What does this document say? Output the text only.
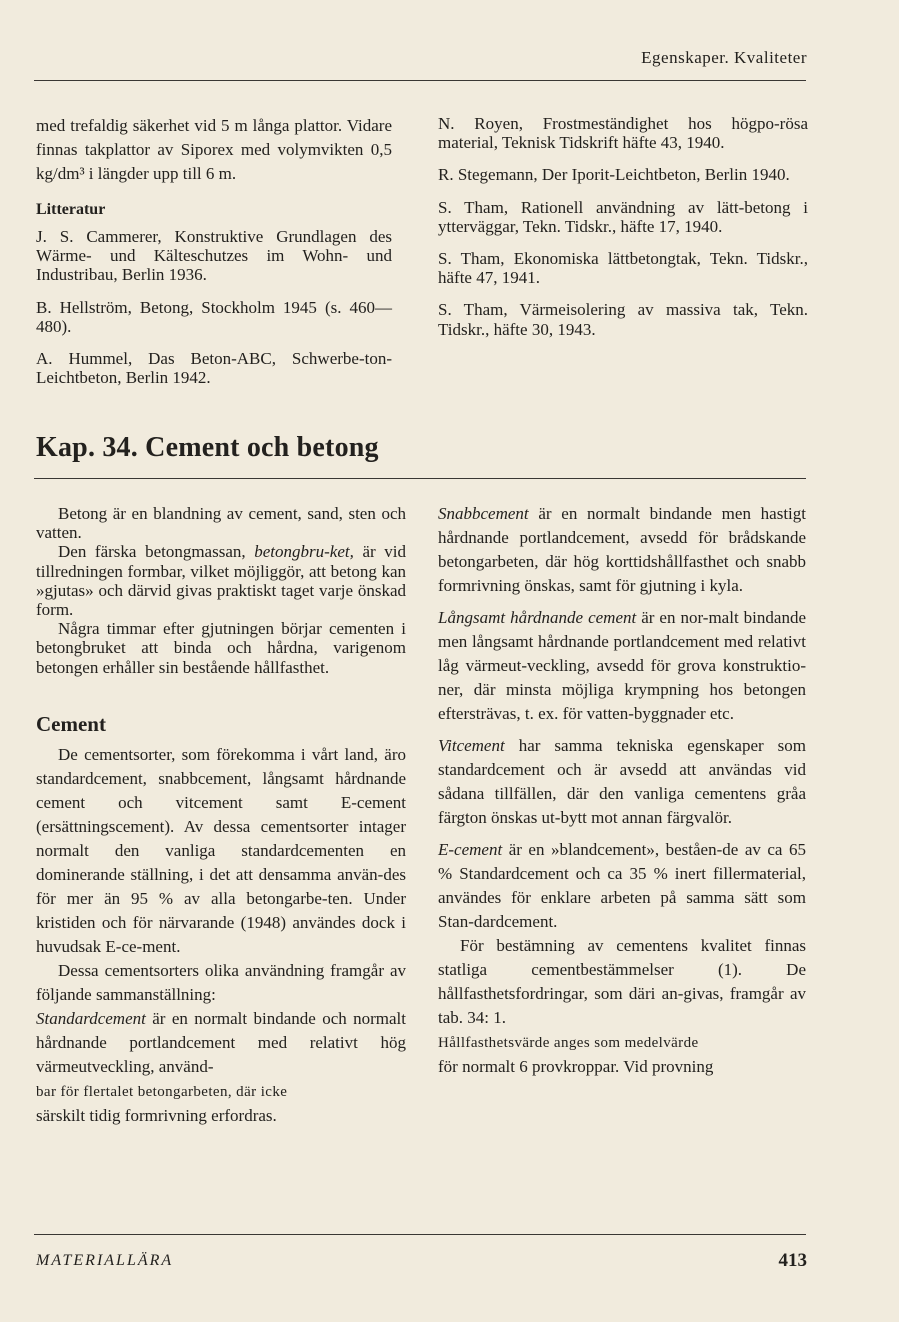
Egenskaper. Kvaliteter

med trefaldig säkerhet vid 5 m långa plattor. Vidare finnas takplattor av Siporex med volymvikten 0,5 kg/dm³ i längder upp till 6 m.

Litteratur

J. S. Cammerer, Konstruktive Grundlagen des Wärme- und Kälteschutzes im Wohn- und Industribau, Berlin 1936.

B. Hellström, Betong, Stockholm 1945 (s. 460—480).

A. Hummel, Das Beton-ABC, Schwerbe-ton-Leichtbeton, Berlin 1942.

N. Royen, Frostmeständighet hos högpo-rösa material, Teknisk Tidskrift häfte 43, 1940.

R. Stegemann, Der Iporit-Leichtbeton, Berlin 1940.

S. Tham, Rationell användning av lätt-betong i ytterväggar, Tekn. Tidskr., häfte 17, 1940.

S. Tham, Ekonomiska lättbetongtak, Tekn. Tidskr., häfte 47, 1941.

S. Tham, Värmeisolering av massiva tak, Tekn. Tidskr., häfte 30, 1943.

Kap. 34. Cement och betong

Betong är en blandning av cement, sand, sten och vatten.

Den färska betongmassan, betongbru-ket, är vid tillredningen formbar, vilket möjliggör, att betong kan »gjutas» och därvid givas praktiskt taget varje önskad form.

Några timmar efter gjutningen börjar cementen i betongbruket att binda och hårdna, varigenom betongen erhåller sin bestående hållfasthet.

Cement

De cementsorter, som förekomma i vårt land, äro standardcement, snabbcement, långsamt hårdnande cement och vitcement samt E-cement (ersättningscement). Av dessa cementsorter intager normalt den vanliga standardcementen en dominerande ställning, i det att densamma använ-des för mer än 95 % av alla betongarbe-ten. Under kristiden och för närvarande (1948) användes dock i huvudsak E-ce-ment.

Dessa cementsorters olika användning framgår av följande sammanställning:

Standardcement är en normalt bindande och normalt hårdnande portlandcement med relativt hög värmeutveckling, använd-
bar för flertalet betongarbeten, där icke
särskilt tidig formrivning erfordras.

Snabbcement är en normalt bindande men hastigt hårdnande portlandcement, avsedd för brådskande betongarbeten, där hög korttidshållfasthet och snabb formrivning önskas, samt för gjutning i kyla.

Långsamt hårdnande cement är en nor-malt bindande men långsamt hårdnande portlandcement med relativt låg värmeut-veckling, avsedd för grova konstruktio-ner, där minsta möjliga krympning hos betongen eftersträvas, t. ex. för vatten-byggnader etc.

Vitcement har samma tekniska egenskaper som standardcement och är avsedd att användas vid sådana tillfällen, där den vanliga cementens gråa färgton önskas ut-bytt mot annan färgvalör.

E-cement är en »blandcement», beståen-de av ca 65 % Standardcement och ca 35 % inert fillermaterial, användes för enklare arbeten på samma sätt som Stan-dardcement.

För bestämning av cementens kvalitet finnas statliga cementbestämmelser (1). De hållfasthetsfordringar, som däri an-givas, framgår av tab. 34: 1.
Hållfasthetsvärde anges som medelvärde
för normalt 6 provkroppar. Vid provning

MATERIALLÄRA	413
